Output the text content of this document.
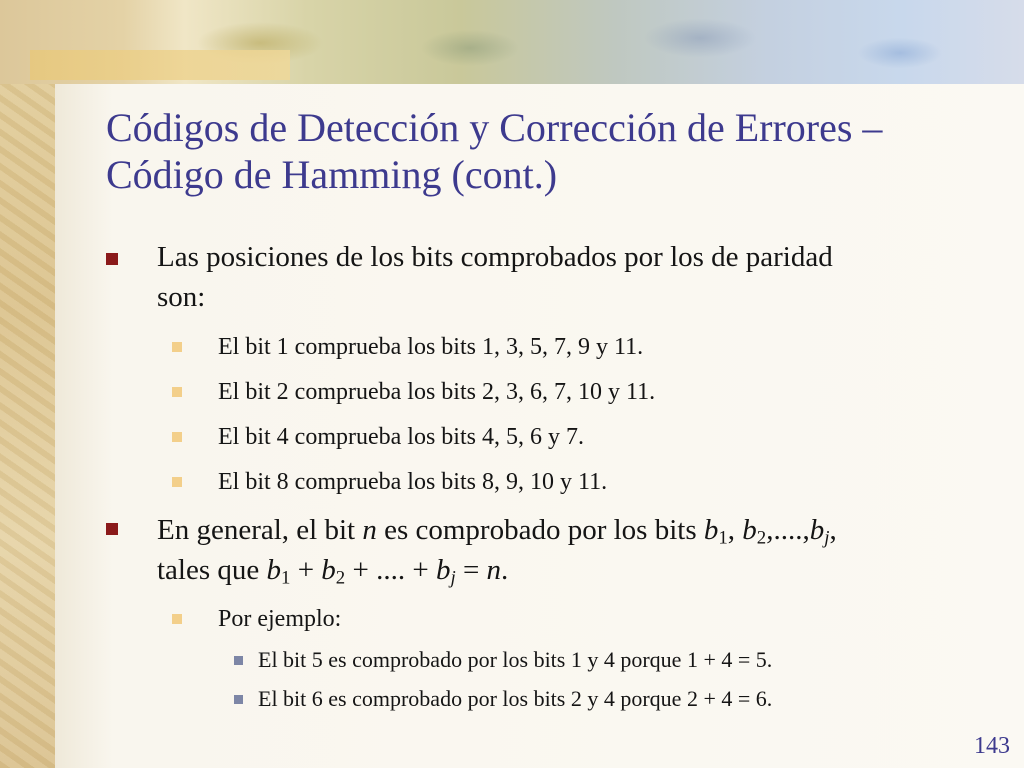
Códigos de Detección y Corrección de Errores –
Código de Hamming (cont.)
Las posiciones de los bits comprobados por los de paridad
son:
El bit 1 comprueba los bits 1, 3, 5, 7, 9 y 11.
El bit 2 comprueba los bits 2, 3, 6, 7, 10 y 11.
El bit 4 comprueba los bits 4, 5, 6 y 7.
El bit 8 comprueba los bits 8, 9, 10 y 11.
En general, el bit n es comprobado por los bits $b_1$, $b_2,....,b_j$,
tales que $b_1 + b_2$ + .... + $b_j = n$.
Por ejemplo:
El bit 5 es comprobado por los bits 1 y 4 porque 1 + 4 = 5.
El bit 6 es comprobado por los bits 2 y 4 porque 2 + 4 = 6.
143
